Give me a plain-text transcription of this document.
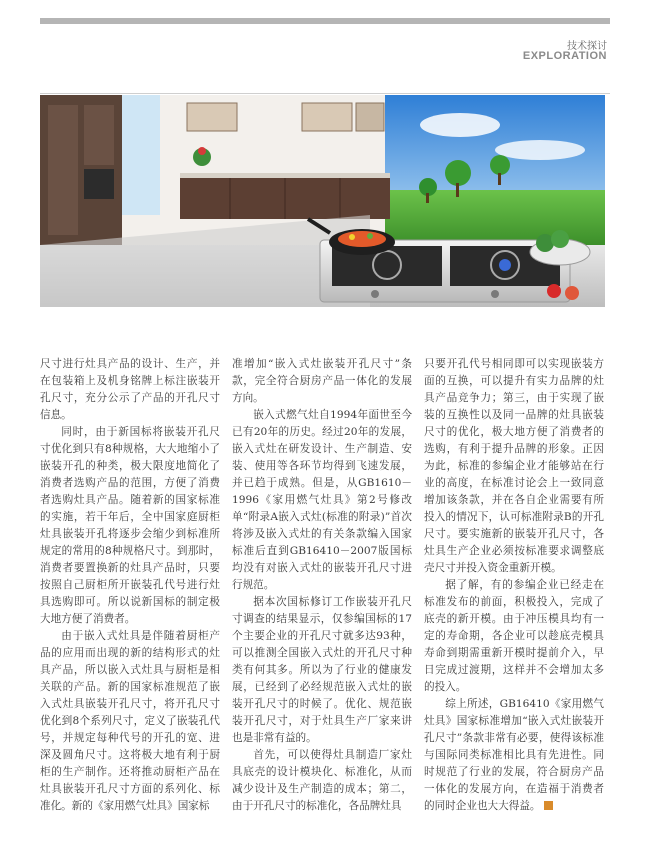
技术探讨
EXPLORATION

尺寸进行灶具产品的设计、生产，并在包装箱上及机身铭牌上标注嵌装开孔尺寸，充分公示了产品的开孔尺寸信息。

同时，由于新国标将嵌装开孔尺寸优化到只有8种规格，大大地缩小了嵌装开孔的种类，极大限度地简化了消费者选购产品的范围，方便了消费者选购灶具产品。随着新的国家标准的实施，若干年后，全中国家庭厨柜灶具嵌装开孔将逐步会缩少到标准所规定的常用的8种规格尺寸。到那时，消费者要置换新的灶具产品时，只要按照自己厨柜所开嵌装孔代号进行灶具选购即可。所以说新国标的制定极大地方便了消费者。

由于嵌入式灶具是伴随着厨柜产品的应用而出现的新的结构形式的灶具产品，所以嵌入式灶具与厨柜是相关联的产品。新的国家标准规范了嵌入式灶具嵌装开孔尺寸，将开孔尺寸优化到8个系列尺寸，定义了嵌装孔代号，并规定每种代号的开孔的宽、进深及圆角尺寸。这将极大地有利于厨柜的生产制作。还将推动厨柜产品在灶具嵌装开孔尺寸方面的系列化、标准化。新的《家用燃气灶具》国家标

准增加“嵌入式灶嵌装开孔尺寸”条款，完全符合厨房产品一体化的发展方向。

嵌入式燃气灶自1994年面世至今已有20年的历史。经过20年的发展，嵌入式灶在研发设计、生产制造、安装、使用等各环节均得到飞速发展，并已趋于成熟。但是，从GB1610－1996《家用燃气灶具》第2号修改单“附录A嵌入式灶(标准的附录)”首次将涉及嵌入式灶的有关条款编入国家标准后直到GB16410－2007版国标均没有对嵌入式灶的嵌装开孔尺寸进行规范。

据本次国标修订工作嵌装开孔尺寸调查的结果显示，仅参编国标的17个主要企业的开孔尺寸就多达93种，可以推测全国嵌入式灶的开孔尺寸种类有何其多。所以为了行业的健康发展，已经到了必经规范嵌入式灶的嵌装开孔尺寸的时候了。优化、规范嵌装开孔尺寸，对于灶具生产厂家来讲也是非常有益的。

首先，可以使得灶具制造厂家灶具底壳的设计模块化、标准化，从而减少设计及生产制造的成本；第二，由于开孔尺寸的标准化，各品牌灶具

只要开孔代号相同即可以实现嵌装方面的互换，可以提升有实力品牌的灶具产品竞争力；第三，由于实现了嵌装的互换性以及同一品牌的灶具嵌装尺寸的优化，极大地方便了消费者的选购，有利于提升品牌的形象。正因为此，标准的参编企业才能够站在行业的高度，在标准讨论会上一致同意增加该条款，并在各自企业需要有所投入的情况下，认可标准附录B的开孔尺寸。要实施新的嵌装开孔尺寸，各灶具生产企业必须按标准要求调整底壳尺寸并投入资金重新开模。

据了解，有的参编企业已经走在标准发布的前面，积极投入，完成了底壳的新开模。由于冲压模具均有一定的寿命期，各企业可以趁底壳模具寿命到期需重新开模时提前介入，早日完成过渡期，这样并不会增加太多的投入。

综上所述，GB16410《家用燃气灶具》国家标准增加“嵌入式灶嵌装开孔尺寸”条款非常有必要，使得该标准与国际同类标准相比具有先进性。同时规范了行业的发展，符合厨房产品一体化的发展方向，在造福于消费者的同时企业也大大得益。
